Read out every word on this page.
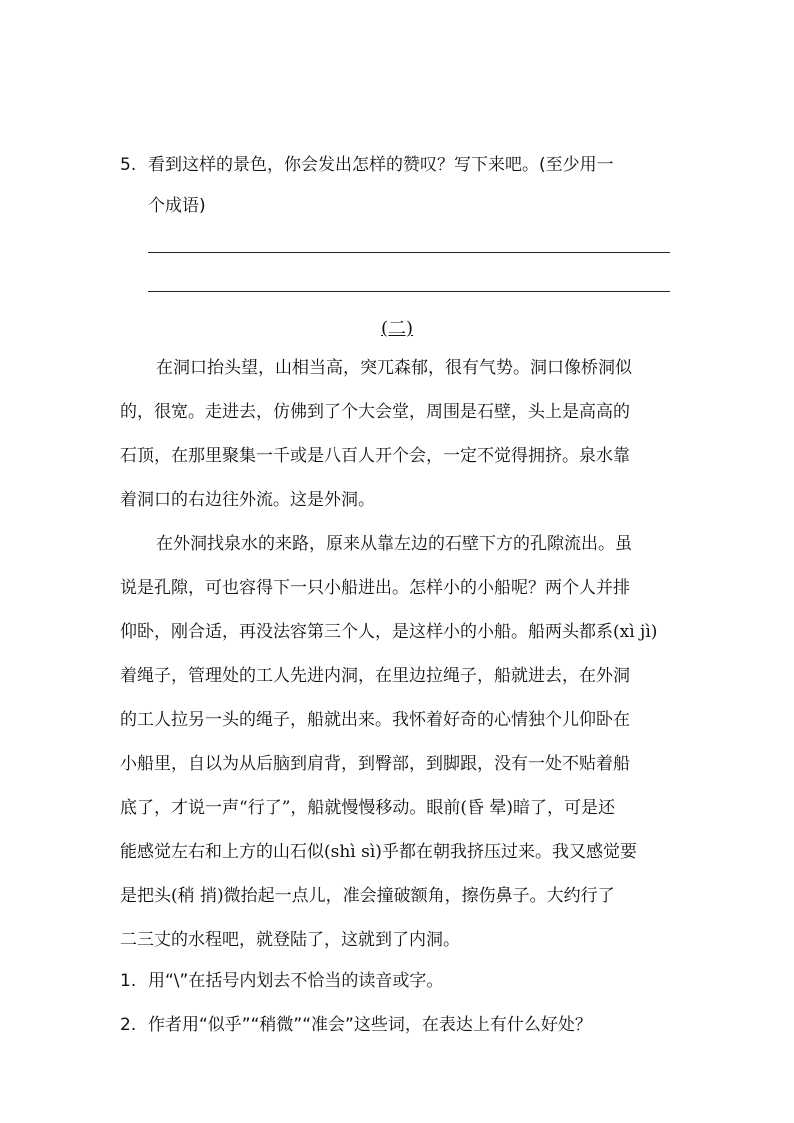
5. 看到这样的景色，你会发出怎样的赞叹？写下来吧。(至少用一
个成语)
(二)
在洞口抬头望，山相当高，突兀森郁，很有气势。洞口像桥洞似
的，很宽。走进去，仿佛到了个大会堂，周围是石壁，头上是高高的
石顶，在那里聚集一千或是八百人开个会，一定不觉得拥挤。泉水靠
着洞口的右边往外流。这是外洞。
在外洞找泉水的来路，原来从靠左边的石壁下方的孔隙流出。虽
说是孔隙，可也容得下一只小船进出。怎样小的小船呢？两个人并排
仰卧，刚合适，再没法容第三个人，是这样小的小船。船两头都系(xì jì)
着绳子，管理处的工人先进内洞，在里边拉绳子，船就进去，在外洞
的工人拉另一头的绳子，船就出来。我怀着好奇的心情独个儿仰卧在
小船里，自以为从后脑到肩背，到臀部，到脚跟，没有一处不贴着船
底了，才说一声“行了”，船就慢慢移动。眼前(昏 晕)暗了，可是还
能感觉左右和上方的山石似(shì sì)乎都在朝我挤压过来。我又感觉要
是把头(稍 捎)微抬起一点儿，准会撞破额角，擦伤鼻子。大约行了
二三丈的水程吧，就登陆了，这就到了内洞。
1. 用“\”在括号内划去不恰当的读音或字。
2. 作者用“似乎”“稍微”“准会”这些词，在表达上有什么好处？
